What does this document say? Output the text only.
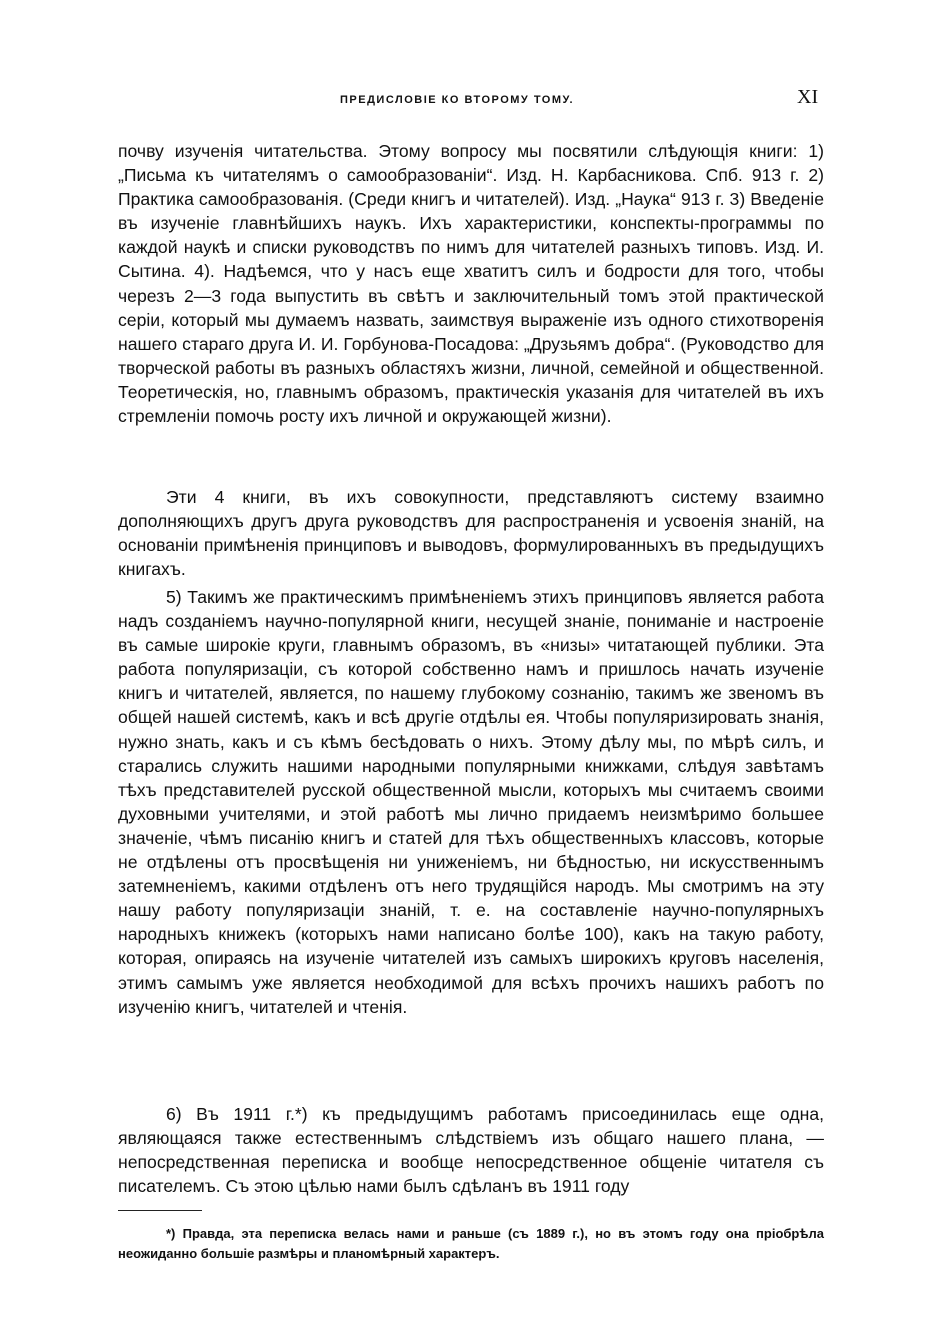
ПРЕДИСЛОВІЕ КО ВТОРОМУ ТОМУ.	XI

почву изученія читательства. Этому вопросу мы посвятили слѣдующія книги: 1) „Письма къ читателямъ о самообразованіи“. Изд. Н. Карбасникова. Спб. 913 г. 2) Практика самообразованія. (Среди книгъ и читателей). Изд. „Наука“ 913 г. 3) Введеніе въ изученіе главнѣйшихъ наукъ. Ихъ характеристики, конспекты-программы по каждой наукѣ и списки руководствъ по нимъ для читателей разныхъ типовъ. Изд. И. Сытина. 4). Надѣемся, что у насъ еще хватитъ силъ и бодрости для того, чтобы черезъ 2—3 года выпустить въ свѣтъ и заключительный томъ этой практической серіи, который мы думаемъ назвать, заимствуя выраженіе изъ одного стихотворенія нашего стараго друга И. И. Горбунова-Посадова: „Друзьямъ добра“. (Руководство для творческой работы въ разныхъ областяхъ жизни, личной, семейной и общественной. Теоретическія, но, главнымъ образомъ, практическія указанія для читателей въ ихъ стремленіи помочь росту ихъ личной и окружающей жизни).

Эти 4 книги, въ ихъ совокупности, представляютъ систему взаимно дополняющихъ другъ друга руководствъ для распространенія и усвоенія знаній, на основаніи примѣненія принциповъ и выводовъ, формулированныхъ въ предыдущихъ книгахъ.

5) Такимъ же практическимъ примѣненіемъ этихъ принциповъ является работа надъ созданіемъ научно-популярной книги, несущей знаніе, пониманіе и настроеніе въ самые широкіе круги, главнымъ образомъ, въ «низы» читатающей публики. Эта работа популяризаціи, съ которой собственно намъ и пришлось начать изученіе книгъ и читателей, является, по нашему глубокому сознанію, такимъ же звеномъ въ общей нашей системѣ, какъ и всѣ другіе отдѣлы ея. Чтобы популяризировать знанія, нужно знать, какъ и съ кѣмъ бесѣдовать о нихъ. Этому дѣлу мы, по мѣрѣ силъ, и старались служить нашими народными популярными книжками, слѣдуя завѣтамъ тѣхъ представителей русской общественной мысли, которыхъ мы считаемъ своими духовными учителями, и этой работѣ мы лично придаемъ неизмѣримо большее значеніе, чѣмъ писанію книгъ и статей для тѣхъ общественныхъ классовъ, которые не отдѣлены отъ просвѣщенія ни униженіемъ, ни бѣдностью, ни искусственнымъ затемненіемъ, какими отдѣленъ отъ него трудящійся народъ. Мы смотримъ на эту нашу работу популяризаціи знаній, т. е. на составленіе научно-популярныхъ народныхъ книжекъ (которыхъ нами написано болѣе 100), какъ на такую работу, которая, опираясь на изученіе читателей изъ самыхъ широкихъ круговъ населенія, этимъ самымъ уже является необходимой для всѣхъ прочихъ нашихъ работъ по изученію книгъ, читателей и чтенія.

6) Въ 1911 г.*) къ предыдущимъ работамъ присоединилась еще одна, являющаяся также естественнымъ слѣдствіемъ изъ общаго нашего плана, —непосредственная переписка и вообще непосредственное общеніе читателя съ писателемъ. Съ этою цѣлью нами былъ сдѣланъ въ 1911 году

*) Правда, эта переписка велась нами и раньше (съ 1889 г.), но въ этомъ году она пріобрѣла неожиданно большіе размѣры и планомѣрный характеръ.
